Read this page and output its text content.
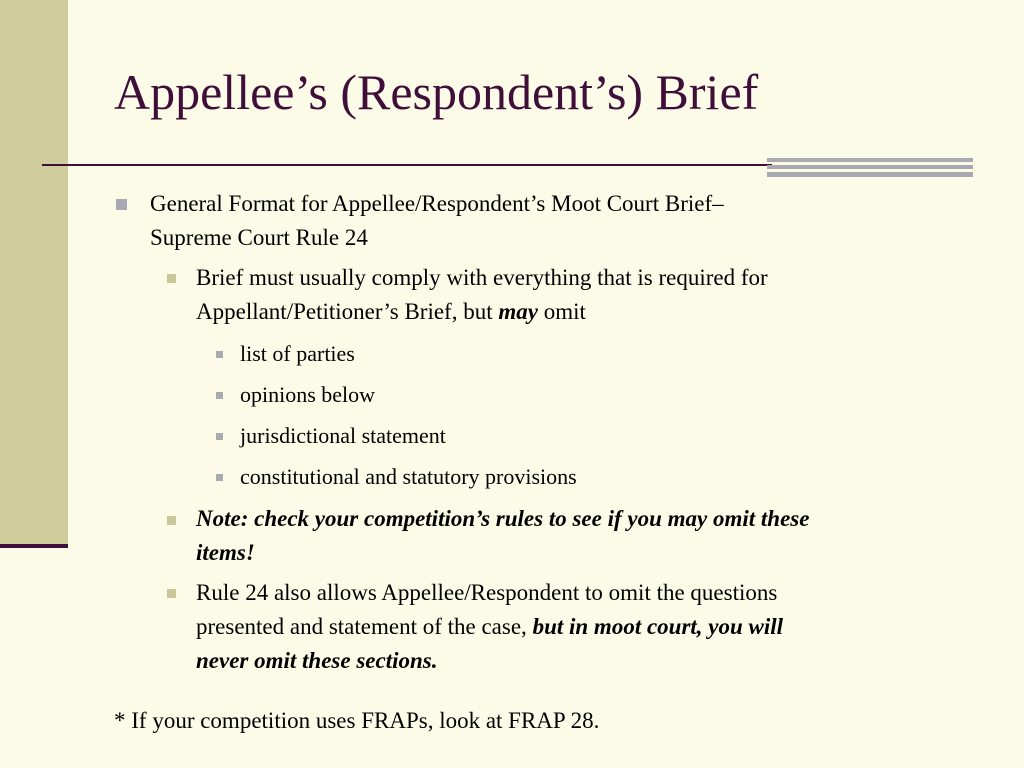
Appellee’s (Respondent’s) Brief
General Format for Appellee/Respondent’s Moot Court Brief–
Supreme Court Rule 24
Brief must usually comply with everything that is required for
Appellant/Petitioner’s Brief, but may omit
list of parties
opinions below
jurisdictional statement
constitutional and statutory provisions
Note: check your competition’s rules to see if you may omit these
items!
Rule 24 also allows Appellee/Respondent to omit the questions
presented and statement of the case, but in moot court, you will
never omit these sections.
* If your competition uses FRAPs, look at FRAP 28.
